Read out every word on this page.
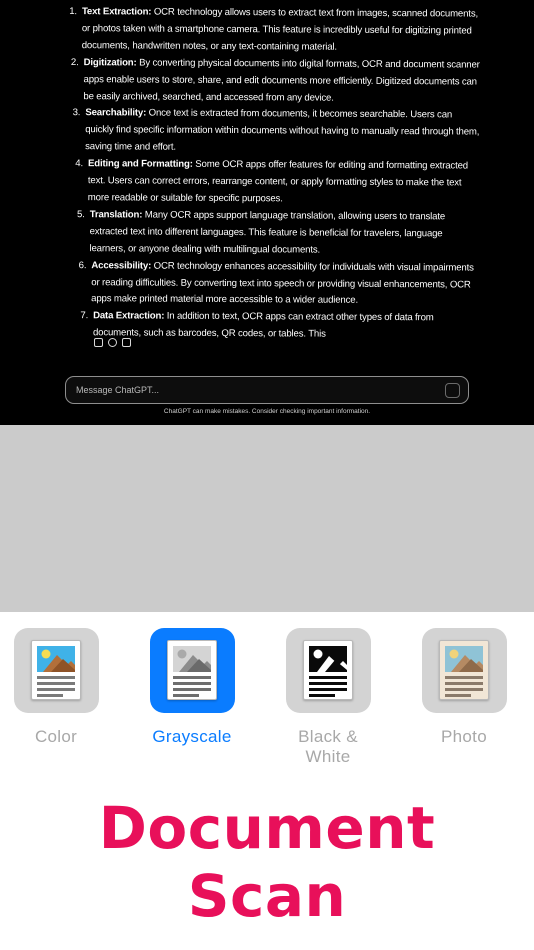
1. Text Extraction: OCR technology allows users to extract text from images, scanned documents, or photos taken with a smartphone camera. This feature is incredibly useful for digitizing printed documents, handwritten notes, or any text-containing material.
2. Digitization: By converting physical documents into digital formats, OCR and document scanner apps enable users to store, share, and edit documents more efficiently. Digitized documents can be easily archived, searched, and accessed from any device.
3. Searchability: Once text is extracted from documents, it becomes searchable. Users can quickly find specific information within documents without having to manually read through them, saving time and effort.
4. Editing and Formatting: Some OCR apps offer features for editing and formatting extracted text. Users can correct errors, rearrange content, or apply formatting styles to make the text more readable or suitable for specific purposes.
5. Translation: Many OCR apps support language translation, allowing users to translate extracted text into different languages. This feature is beneficial for travelers, language learners, or anyone dealing with multilingual documents.
6. Accessibility: OCR technology enhances accessibility for individuals with visual impairments or reading difficulties. By converting text into speech or providing visual enhancements, OCR apps make printed material more accessible to a wider audience.
7. Data Extraction: In addition to text, OCR apps can extract other types of data from documents, such as barcodes, QR codes, or tables. This
Message ChatGPT...
ChatGPT can make mistakes. Consider checking important information.
Color	Grayscale	Black & White
Photo
Document
Scan
